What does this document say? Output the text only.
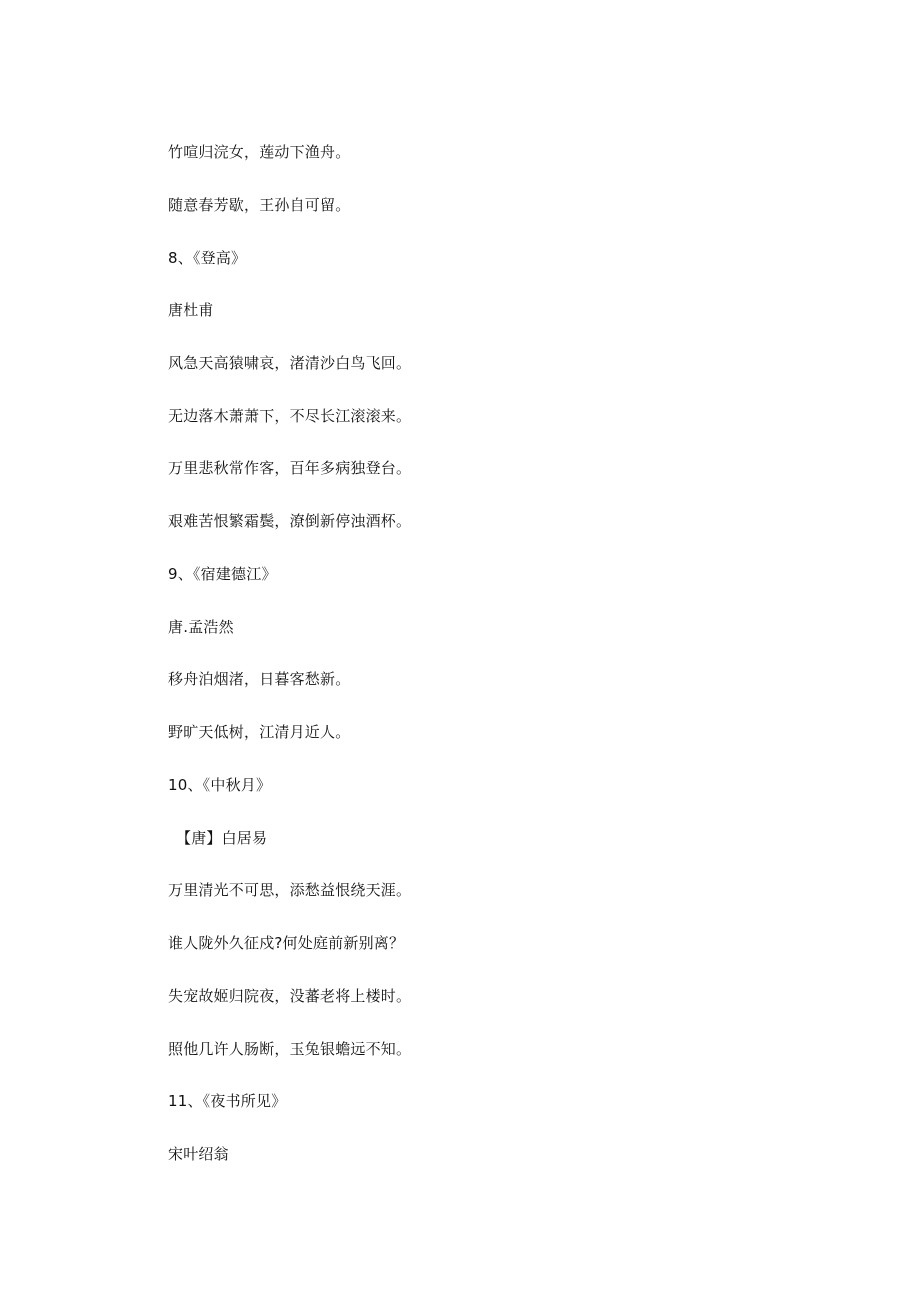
竹喧归浣女，莲动下渔舟。
随意春芳歇，王孙自可留。
8、《登高》
唐杜甫
风急天高猿啸哀，渚清沙白鸟飞回。
无边落木萧萧下，不尽长江滚滚来。
万里悲秋常作客，百年多病独登台。
艰难苦恨繁霜鬓，潦倒新停浊酒杯。
9、《宿建德江》
唐.孟浩然
移舟泊烟渚，日暮客愁新。
野旷天低树，江清月近人。
10、《中秋月》
【唐】白居易
万里清光不可思，添愁益恨绕天涯。
谁人陇外久征戍?何处庭前新别离？
失宠故姬归院夜，没蕃老将上楼时。
照他几许人肠断，玉兔银蟾远不知。
11、《夜书所见》
宋叶绍翁
